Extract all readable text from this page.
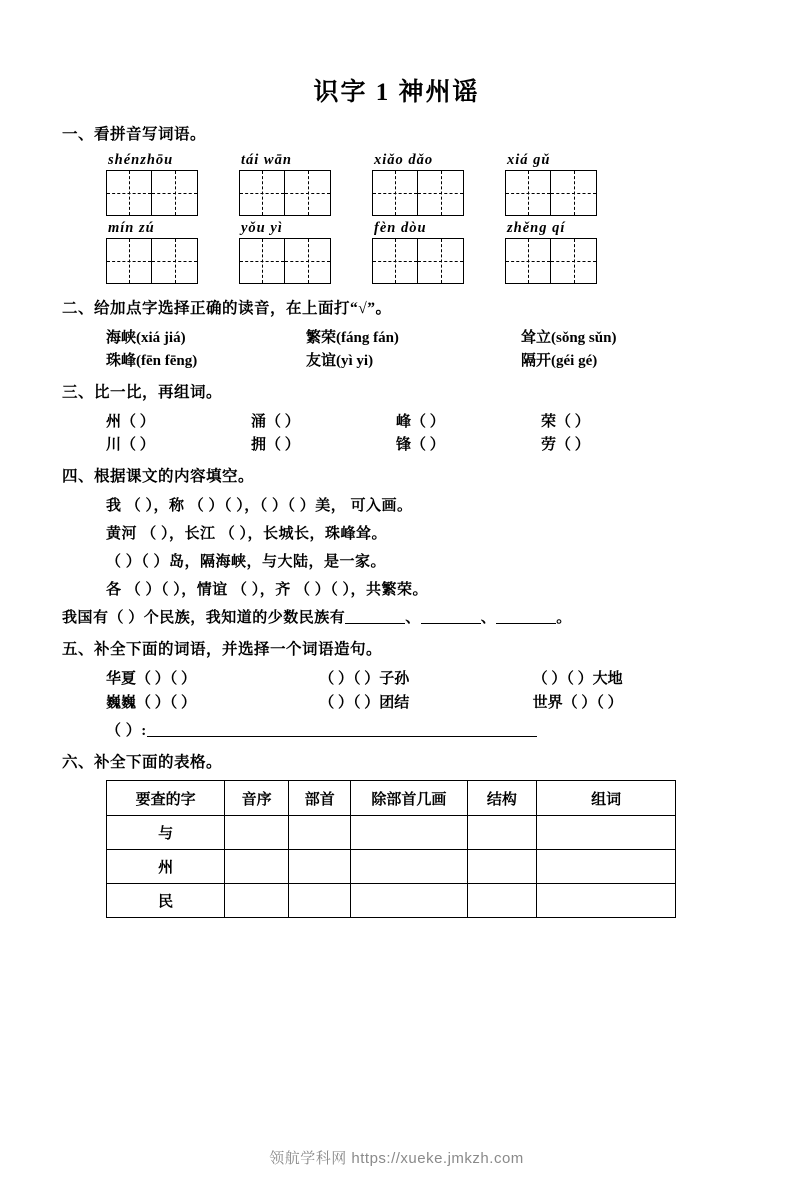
识字 1 神州谣
一、看拼音写词语。
shénzhōu	tái wān	xiǎo dǎo	xiá gǔ
mín zú	yǒu yì	fèn dòu	zhěng qí
二、给加点字选择正确的读音，在上面打“√”。
海峡(xiá jiá)	繁荣(fáng fán)	耸立(sǒng sǔn)
珠峰(fēn fēng)	友谊(yì yi)	隔开(géi gé)
三、比一比，再组词。
州（ ）	涌（ ）	峰（ ）	荣（ ）
川（ ）	拥（ ）	锋（ ）	劳（ ）
四、根据课文的内容填空。
我 （ ），称 （ ）（ ），（ ）（ ）美， 可入画。
黄河 （ ），长江 （ ），长城长，珠峰耸。
（ ）（ ）岛，隔海峡，与大陆，是一家。
各 （ ）（ ），情谊 （ ），齐 （ ）（ ），共繁荣。
我国有（ ）个民族，我知道的少数民族有	、	、	。
五、补全下面的词语，并选择一个词语造句。
华夏（ ）（ ）	（ ）（ ）子孙	（ ）（ ）大地
巍巍（ ）（ ）	（ ）（ ）团结	世界（ ）（ ）
（ ）:
六、补全下面的表格。
要查的字	音序	部首	除部首几画	结构	组词
与					
州					
民					
领航学科网 https://xueke.jmkzh.com
